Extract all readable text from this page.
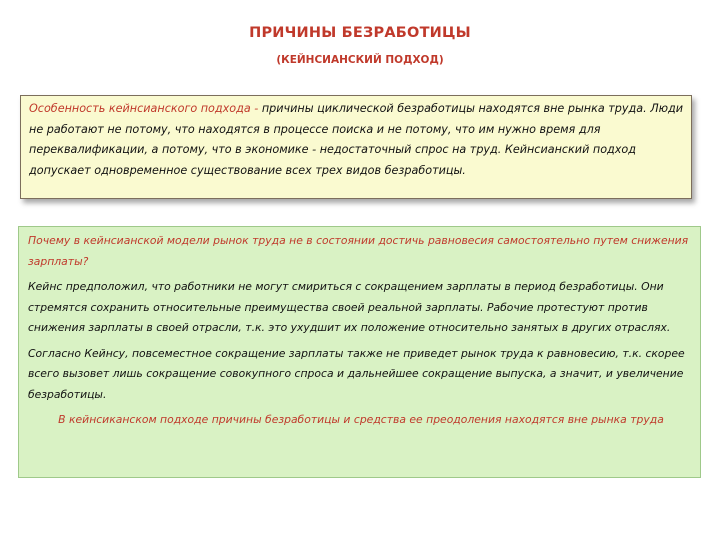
ПРИЧИНЫ БЕЗРАБОТИЦЫ
(КЕЙНСИАНСКИЙ ПОДХОД)
Особенность кейнсианского подхода - причины циклической безработицы находятся вне рынка труда. Люди не работают не потому, что находятся в процессе поиска и не потому, что им нужно время для переквалификации, а потому, что в экономике - недостаточный спрос на труд. Кейнсианский подход допускает одновременное существование всех трех видов безработицы.

Почему в кейнсианской модели рынок труда не в состоянии достичь равновесия самостоятельно путем снижения зарплаты?

Кейнс предположил, что работники не могут смириться с сокращением зарплаты в период безработицы. Они стремятся сохранить относительные преимущества своей реальной зарплаты. Рабочие протестуют против снижения зарплаты в своей отрасли, т.к. это ухудшит их положение относительно занятых в других отраслях.

Согласно Кейнсу, повсеместное сокращение зарплаты также не приведет рынок труда к равновесию, т.к. скорее всего вызовет лишь сокращение совокупного спроса и дальнейшее сокращение выпуска, а значит, и увеличение безработицы.

В кейнсиканском подходе причины безработицы и средства ее преодоления находятся вне рынка труда
